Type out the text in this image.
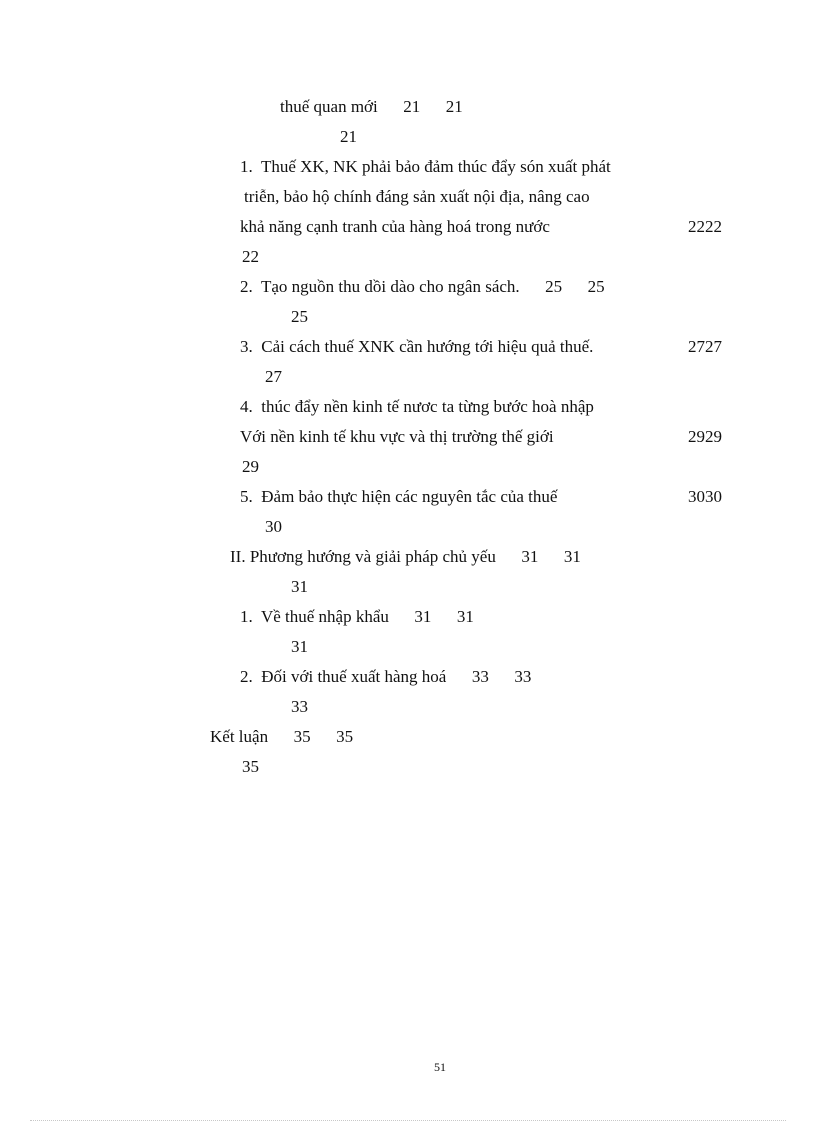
thuế quan mới      21      21
21
1.  Thuế XK, NK phải bảo đảm thúc đẩy són xuất phát
triễn, bảo hộ chính đáng sản xuất nội địa, nâng cao
khả năng cạnh tranh của hàng hoá trong nước	2222
22
2.  Tạo nguồn thu dồi dào cho ngân sách.      25      25
25
3.  Cải cách thuế XNK cần hướng tới hiệu quả thuế.	2727
27
4.  thúc đẩy nền kinh tế nươc ta từng bước hoà nhập
Với nền kinh tế khu vực và thị trường thế giới	2929
29
5.  Đảm bảo thực hiện các nguyên tắc của thuế	3030
30
II. Phương hướng và giải pháp chủ yếu      31      31
31
1.  Về thuế nhập khẩu      31      31
31
2.  Đối với thuế xuất hàng hoá      33      33
33
Kết luận      35      35
35
51
